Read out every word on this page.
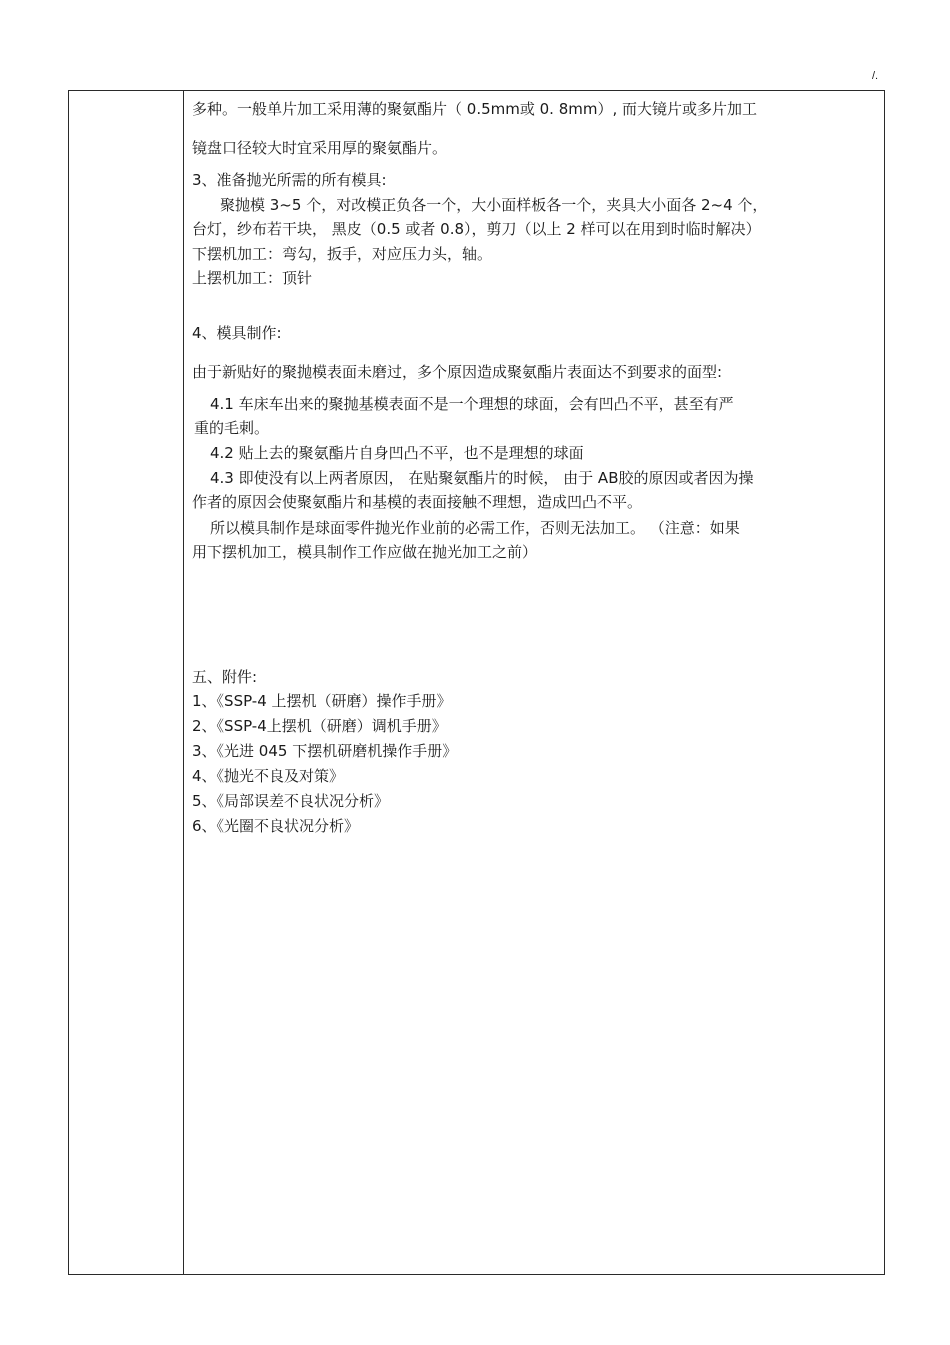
/.
多种。一般单片加工采用薄的聚氨酯片（ 0.5mm或 0. 8mm）, 而大镜片或多片加工
镜盘口径较大时宜采用厚的聚氨酯片。
3、准备抛光所需的所有模具:
聚抛模 3~5 个，对改模正负各一个，大小面样板各一个，夹具大小面各 2~4 个，
台灯，纱布若干块， 黑皮（0.5 或者 0.8），剪刀（以上 2 样可以在用到时临时解决）
下摆机加工：弯勾，扳手，对应压力头，轴。
上摆机加工：顶针
4、模具制作:
由于新贴好的聚抛模表面未磨过，多个原因造成聚氨酯片表面达不到要求的面型:
4.1 车床车出来的聚抛基模表面不是一个理想的球面，会有凹凸不平，甚至有严
重的毛刺。
4.2 贴上去的聚氨酯片自身凹凸不平，也不是理想的球面
4.3 即使没有以上两者原因， 在贴聚氨酯片的时候， 由于 AB胶的原因或者因为操
作者的原因会使聚氨酯片和基模的表面接触不理想，造成凹凸不平。
所以模具制作是球面零件抛光作业前的必需工作，否则无法加工。 （注意：如果
用下摆机加工，模具制作工作应做在抛光加工之前）
五、附件:
1、《SSP-4 上摆机（研磨）操作手册》
2、《SSP-4上摆机（研磨）调机手册》
3、《光进 045 下摆机研磨机操作手册》
4、《抛光不良及对策》
5、《局部误差不良状况分析》
6、《光圈不良状况分析》
